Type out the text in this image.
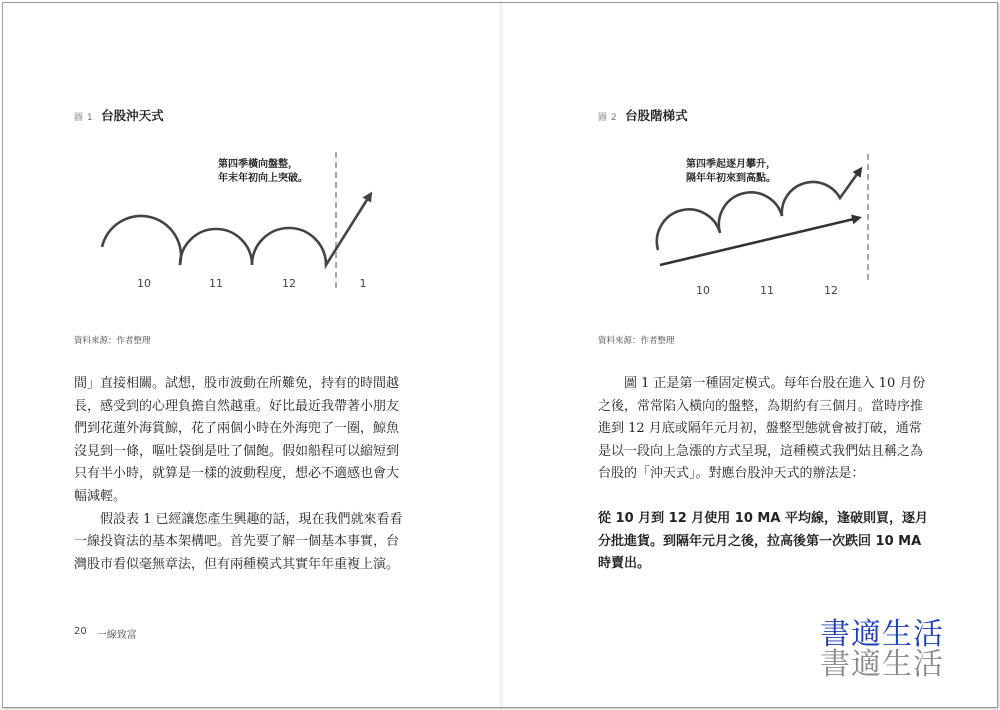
圖 1 台股沖天式
第四季橫向盤整，
年末年初向上突破。
10	11	12	1
資料來源：作者整理

間」直接相關。試想，股市波動在所難免，持有的時間越長，感受到的心理負擔自然越重。好比最近我帶著小朋友們到花蓮外海賞鯨，花了兩個小時在外海兜了一圈，鯨魚沒見到一條，嘔吐袋倒是吐了個飽。假如船程可以縮短到只有半小時，就算是一樣的波動程度，想必不適感也會大幅減輕。

假設表 1 已經讓您產生興趣的話，現在我們就來看看一線投資法的基本架構吧。首先要了解一個基本事實，台灣股市看似毫無章法，但有兩種模式其實年年重複上演。

20 一線致富
圖 2 台股階梯式
第四季起逐月攀升，
隔年年初來到高點。
10	11	12
資料來源：作者整理

圖 1 正是第一種固定模式。每年台股在進入 10 月份之後，常常陷入橫向的盤整，為期約有三個月。當時序推進到 12 月底或隔年元月初，盤整型態就會被打破，通常是以一段向上急漲的方式呈現，這種模式我們姑且稱之為台股的「沖天式」。對應台股沖天式的辦法是：

從 10 月到 12 月使用 10 MA 平均線，逢破則買，逐月分批進貨。到隔年元月之後，拉高後第一次跌回 10 MA 時賣出。

書適生活
書適生活
